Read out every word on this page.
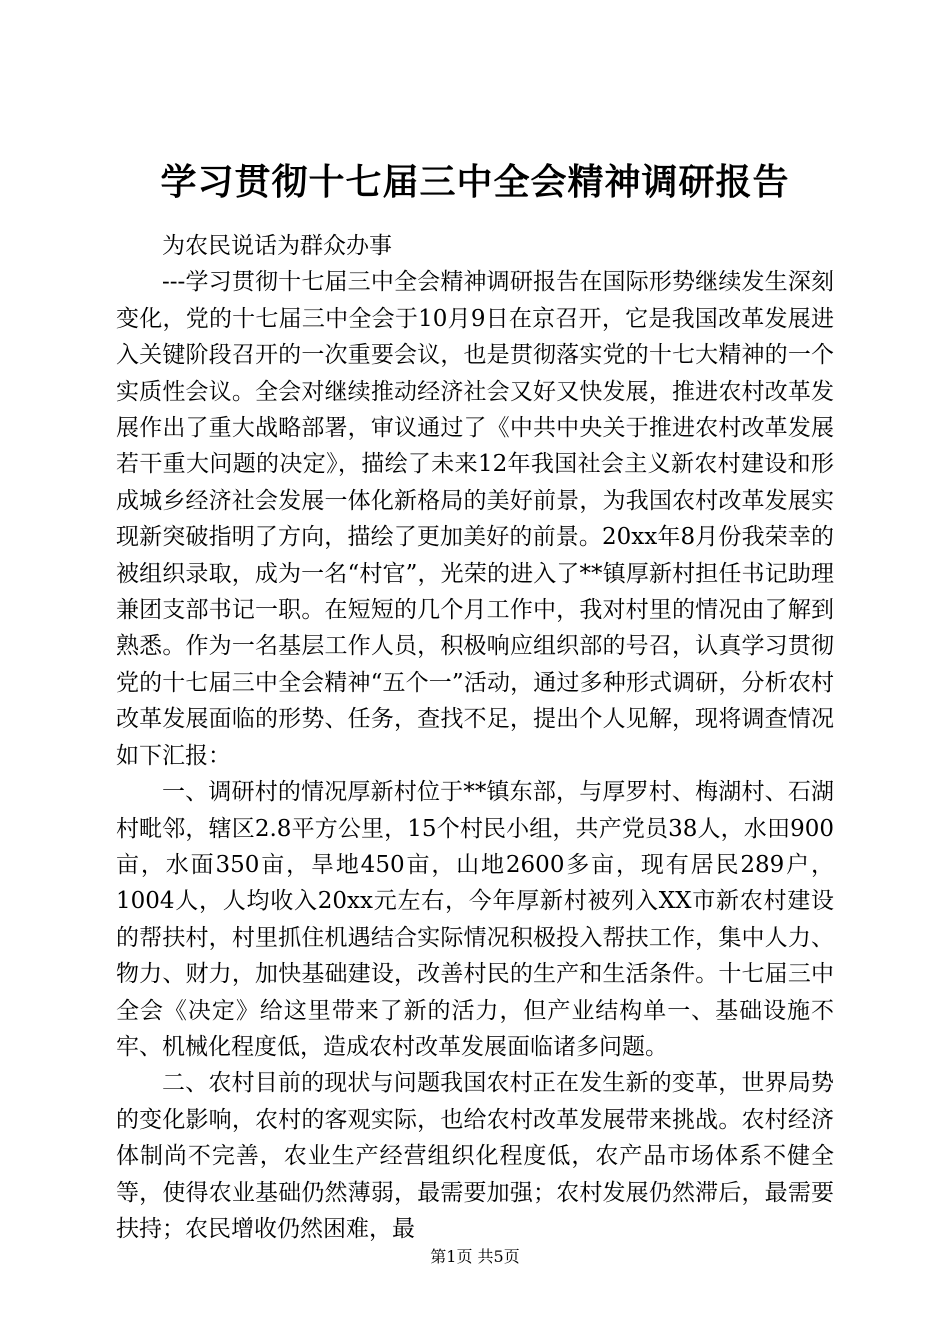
学习贯彻十七届三中全会精神调研报告

为农民说话为群众办事

---学习贯彻十七届三中全会精神调研报告在国际形势继续发生深刻变化，党的十七届三中全会于10月9日在京召开，它是我国改革发展进入关键阶段召开的一次重要会议，也是贯彻落实党的十七大精神的一个实质性会议。全会对继续推动经济社会又好又快发展，推进农村改革发展作出了重大战略部署，审议通过了《中共中央关于推进农村改革发展若干重大问题的决定》，描绘了未来12年我国社会主义新农村建设和形成城乡经济社会发展一体化新格局的美好前景，为我国农村改革发展实现新突破指明了方向，描绘了更加美好的前景。20xx年8月份我荣幸的被组织录取，成为一名“村官”，光荣的进入了**镇厚新村担任书记助理兼团支部书记一职。在短短的几个月工作中，我对村里的情况由了解到熟悉。作为一名基层工作人员，积极响应组织部的号召，认真学习贯彻党的十七届三中全会精神“五个一”活动，通过多种形式调研，分析农村改革发展面临的形势、任务，查找不足，提出个人见解，现将调查情况如下汇报：

一、调研村的情况厚新村位于**镇东部，与厚罗村、梅湖村、石湖村毗邻，辖区2.8平方公里，15个村民小组，共产党员38人，水田900亩，水面350亩，旱地450亩，山地2600多亩，现有居民289户，1004人，人均收入20xx元左右，今年厚新村被列入XX市新农村建设的帮扶村，村里抓住机遇结合实际情况积极投入帮扶工作，集中人力、物力、财力，加快基础建设，改善村民的生产和生活条件。十七届三中全会《决定》给这里带来了新的活力，但产业结构单一、基础设施不牢、机械化程度低，造成农村改革发展面临诸多问题。

二、农村目前的现状与问题我国农村正在发生新的变革，世界局势的变化影响，农村的客观实际，也给农村改革发展带来挑战。农村经济体制尚不完善，农业生产经营组织化程度低，农产品市场体系不健全等，使得农业基础仍然薄弱，最需要加强；农村发展仍然滞后，最需要扶持；农民增收仍然困难，最

第1页 共5页
